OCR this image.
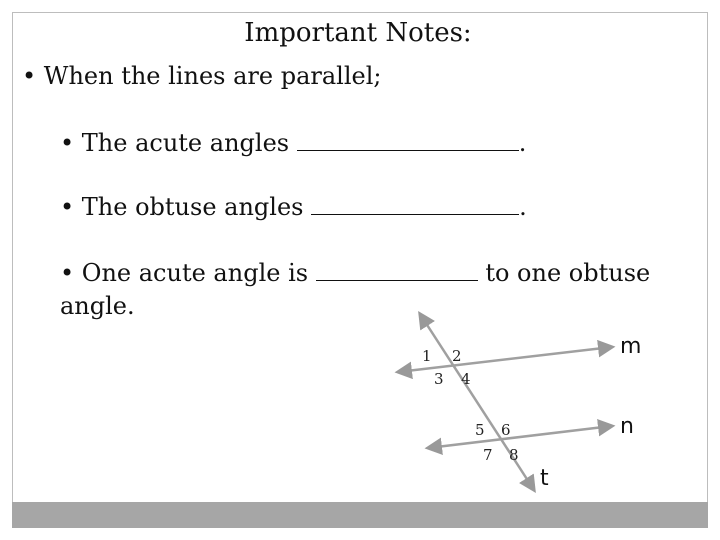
Important Notes:
• When the lines are parallel;
• The acute angles	.
• The obtuse angles	.
• One acute angle is	to one obtuse
angle.
1 2
3 4
5 6
7 8
m
n
t
